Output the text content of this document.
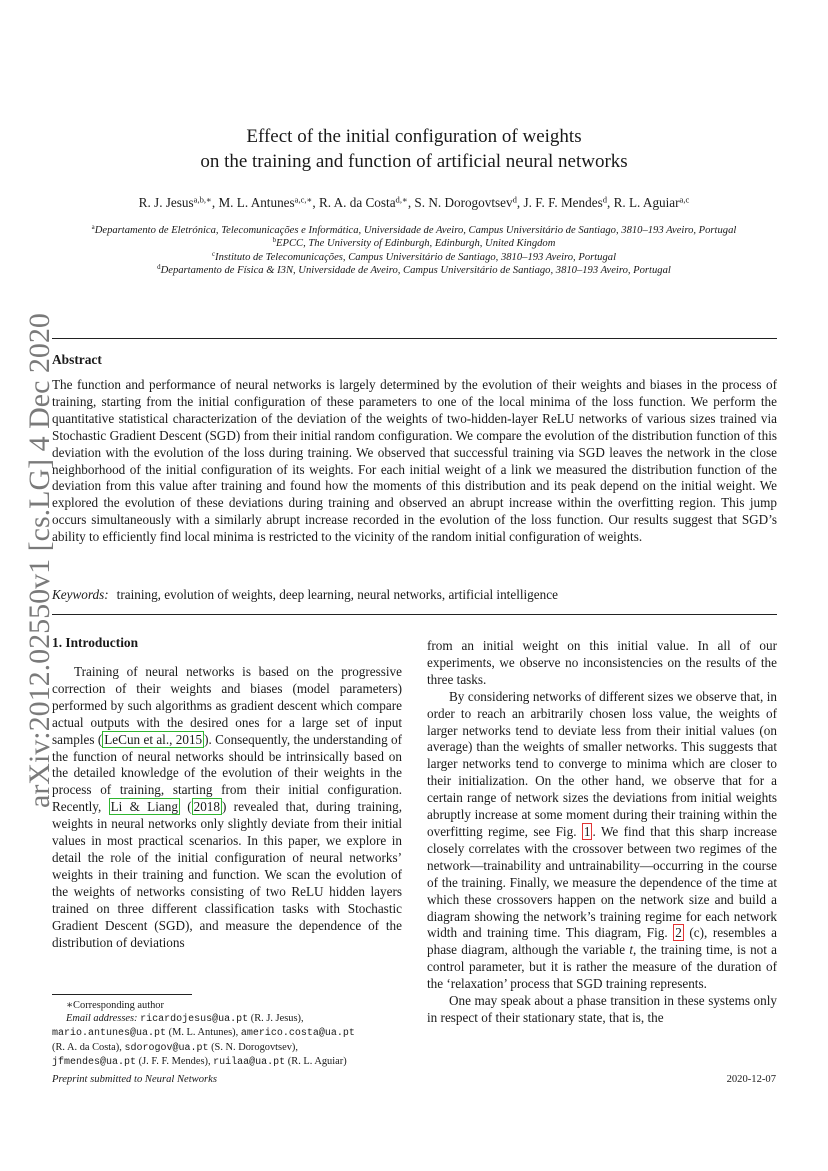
arXiv:2012.02550v1 [cs.LG] 4 Dec 2020
Effect of the initial configuration of weights
on the training and function of artificial neural networks
R. J. Jesus$^{a,b,∗}$, M. L. Antunes$^{a,c,∗}$, R. A. da Costa$^{d,∗}$, S. N. Dorogovtsev$^d$, J. F. F. Mendes$^d$, R. L. Aguiar$^{a,c}$
$^a$Departamento de Eletrónica, Telecomunicações e Informática, Universidade de Aveiro, Campus Universitário de Santiago, 3810–193 Aveiro, Portugal
$^b$EPCC, The University of Edinburgh, Edinburgh, United Kingdom
$^c$Instituto de Telecomunicações, Campus Universitário de Santiago, 3810–193 Aveiro, Portugal
$^d$Departamento de Física & I3N, Universidade de Aveiro, Campus Universitário de Santiago, 3810–193 Aveiro, Portugal
Abstract
The function and performance of neural networks is largely determined by the evolution of their weights and biases in the process of training, starting from the initial configuration of these parameters to one of the local minima of the loss function. We perform the quantitative statistical characterization of the deviation of the weights of two-hidden-layer ReLU networks of various sizes trained via Stochastic Gradient Descent (SGD) from their initial random configuration. We compare the evolution of the distribution function of this deviation with the evolution of the loss during training. We observed that successful training via SGD leaves the network in the close neighborhood of the initial configuration of its weights. For each initial weight of a link we measured the distribution function of the deviation from this value after training and found how the moments of this distribution and its peak depend on the initial weight. We explored the evolution of these deviations during training and observed an abrupt increase within the overfitting region. This jump occurs simultaneously with a similarly abrupt increase recorded in the evolution of the loss function. Our results suggest that SGD’s ability to efficiently find local minima is restricted to the vicinity of the random initial configuration of weights.
Keywords: training, evolution of weights, deep learning, neural networks, artificial intelligence
1. Introduction

Training of neural networks is based on the progressive correction of their weights and biases (model parameters) performed by such algorithms as gradient descent which compare actual outputs with the desired ones for a large set of input samples ( LeCun et al., 2015 ). Consequently, the understanding of the function of neural networks should be intrinsically based on the detailed knowledge of the evolution of their weights in the process of training, starting from their initial configuration. Recently, Li & Liang ( 2018 ) revealed that, during training, weights in neural networks only slightly deviate from their initial values in most practical scenarios. In this paper, we explore in detail the role of the initial configuration of neural networks’ weights in their training and function. We scan the evolution of the weights of networks consisting of two ReLU hidden layers trained on three different classification tasks with Stochastic Gradient Descent (SGD), and measure the dependence of the distribution of deviations

from an initial weight on this initial value. In all of our experiments, we observe no inconsistencies on the results of the three tasks.

By considering networks of different sizes we observe that, in order to reach an arbitrarily chosen loss value, the weights of larger networks tend to deviate less from their initial values (on average) than the weights of smaller networks. This suggests that larger networks tend to converge to minima which are closer to their initialization. On the other hand, we observe that for a certain range of network sizes the deviations from initial weights abruptly increase at some moment during their training within the overfitting regime, see Fig. 1 . We find that this sharp increase closely correlates with the crossover between two regimes of the network—trainability and untrainability—occurring in the course of the training. Finally, we measure the dependence of the time at which these crossovers happen on the network size and build a diagram showing the network’s training regime for each network width and training time. This diagram, Fig. 2 (c), resembles a phase diagram, although the variable t, the training time, is not a control parameter, but it is rather the measure of the duration of the ‘relaxation’ process that SGD training represents.

One may speak about a phase transition in these systems only in respect of their stationary state, that is, the

∗Corresponding author
Email addresses: ricardojesus@ua.pt (R. J. Jesus),
mario.antunes@ua.pt (M. L. Antunes), americo.costa@ua.pt
(R. A. da Costa), sdorogov@ua.pt (S. N. Dorogovtsev),
jfmendes@ua.pt (J. F. F. Mendes), ruilaa@ua.pt (R. L. Aguiar)
Preprint submitted to Neural Networks	2020-12-07
